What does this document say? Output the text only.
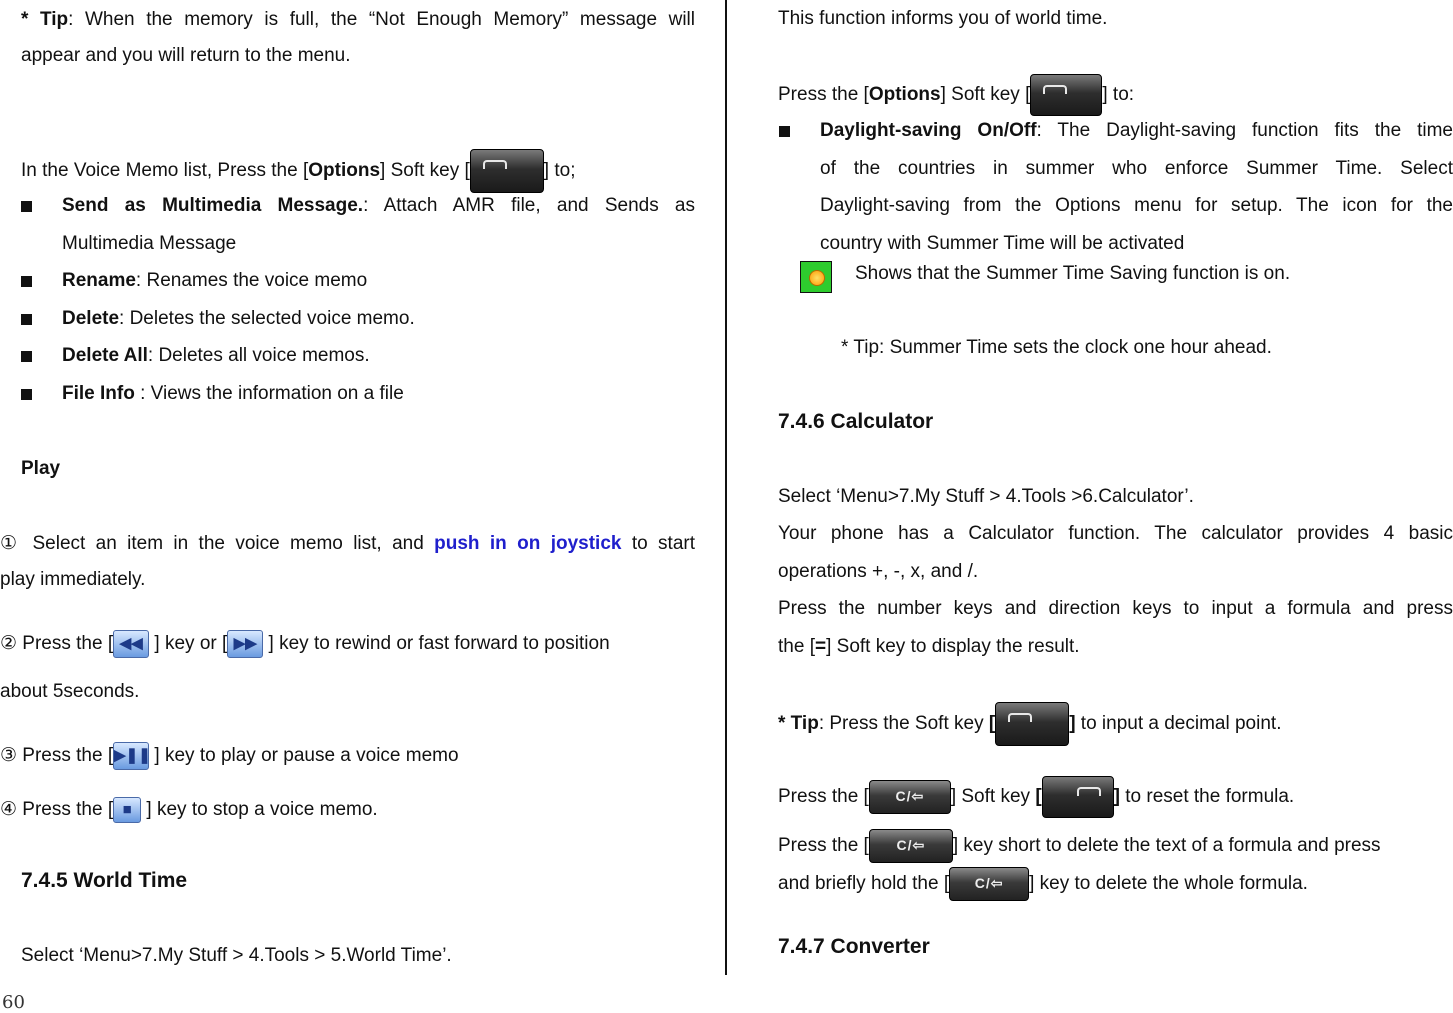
* Tip: When the memory is full, the “Not Enough Memory” message will
appear and you will return to the menu.
In the Voice Memo list, Press the [Options] Soft key [	] to;
Send as Multimedia Message.: Attach AMR file, and Sends as
Multimedia Message
Rename: Renames the voice memo
Delete: Deletes the selected voice memo.
Delete All: Deletes all voice memos.
File Info : Views the information on a file
Play
① Select an item in the voice memo list, and push in on joystick to start
play immediately.
② Press the [ ◀◀ ] key or [ ▶▶ ] key to rewind or fast forward to position
about 5seconds.
③ Press the [▶❚❚ ] key to play or pause a voice memo
④ Press the [ ■ ] key to stop a voice memo.
7.4.5 World Time
Select ‘Menu>7.My Stuff > 4.Tools > 5.World Time’.
60
This function informs you of world time.
Press the [Options] Soft key [	] to:
Daylight-saving On/Off: The Daylight-saving function fits the time
of the countries in summer who enforce Summer Time. Select
Daylight-saving from the Options menu for setup. The icon for the
country with Summer Time will be activated
Shows that the Summer Time Saving function is on.
* Tip: Summer Time sets the clock one hour ahead.
7.4.6 Calculator
Select ‘Menu>7.My Stuff > 4.Tools >6.Calculator’.
Your phone has a Calculator function. The calculator provides 4 basic
operations +, -, x, and /.
Press the number keys and direction keys to input a formula and press
the [=] Soft key to display the result.
* Tip: Press the Soft key [	] to input a decimal point.
Press the [ C/⇦ ] Soft key [	] to reset the formula.
Press the [ C/⇦ ] key short to delete the text of a formula and press
and briefly hold the [ C/⇦ ] key to delete the whole formula.
7.4.7 Converter
